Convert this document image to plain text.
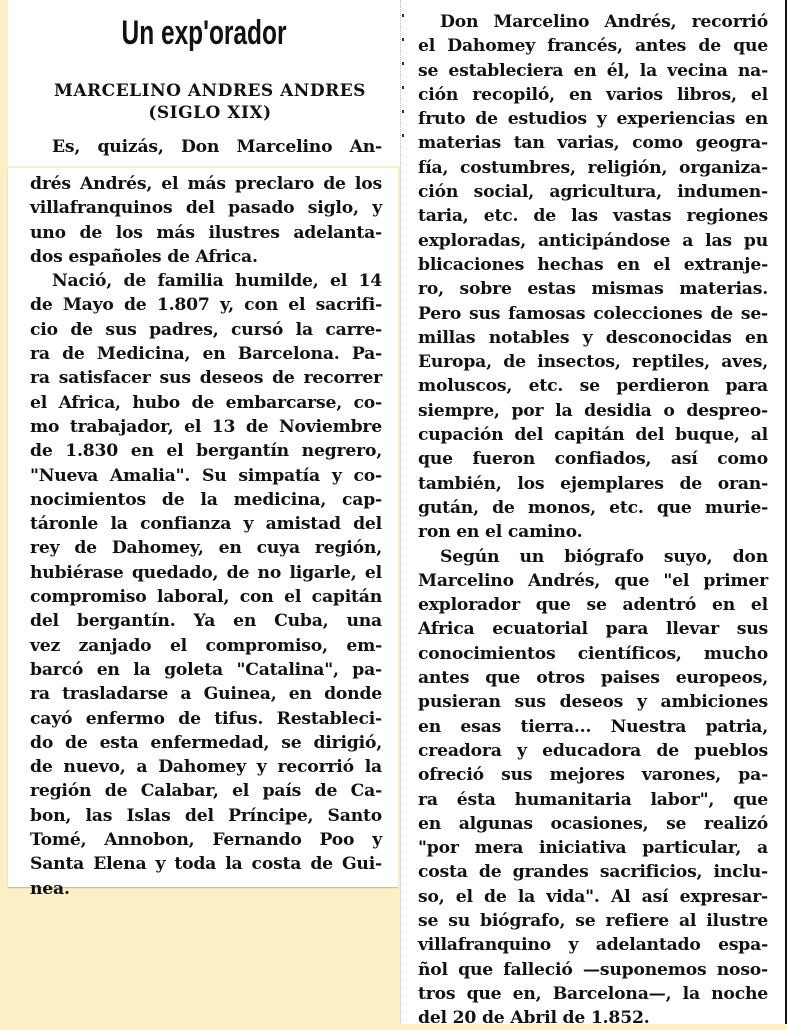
Un exp'orador
MARCELINO ANDRES ANDRES
(SIGLO XIX)

Es, quizás, Don Marcelino An-

drés Andrés, el más preclaro de los
villafranquinos del pasado siglo, y
uno de los más ilustres adelanta-
dos españoles de Africa.
Nació, de familia humilde, el 14
de Mayo de 1.807 y, con el sacrifi-
cio de sus padres, cursó la carre-
ra de Medicina, en Barcelona. Pa-
ra satisfacer sus deseos de recorrer
el Africa, hubo de embarcarse, co-
mo trabajador, el 13 de Noviembre
de 1.830 en el bergantín negrero,
"Nueva Amalia". Su simpatía y co-
nocimientos de la medicina, cap-
táronle la confianza y amistad del
rey de Dahomey, en cuya región,
hubiérase quedado, de no ligarle, el
compromiso laboral, con el capitán
del bergantín. Ya en Cuba, una
vez zanjado el compromiso, em-
barcó en la goleta "Catalina", pa-
ra trasladarse a Guinea, en donde
cayó enfermo de tifus. Restableci-
do de esta enfermedad, se dirigió,
de nuevo, a Dahomey y recorrió la
región de Calabar, el país de Ca-
bon, las Islas del Príncipe, Santo
Tomé, Annobon, Fernando Poo y
Santa Elena y toda la costa de Gui-
nea.

Don Marcelino Andrés, recorrió
el Dahomey francés, antes de que
se estableciera en él, la vecina na-
ción recopiló, en varios libros, el
fruto de estudios y experiencias en
materias tan varias, como geogra-
fía, costumbres, religión, organiza-
ción social, agricultura, indumen-
taria, etc. de las vastas regiones
exploradas, anticipándose a las pu
blicaciones hechas en el extranje-
ro, sobre estas mismas materias.
Pero sus famosas colecciones de se-
millas notables y desconocidas en
Europa, de insectos, reptiles, aves,
moluscos, etc. se perdieron para
siempre, por la desidia o despreo-
cupación del capitán del buque, al
que fueron confiados, así como
también, los ejemplares de oran-
gután, de monos, etc. que murie-
ron en el camino.
Según un biógrafo suyo, don
Marcelino Andrés, que "el primer
explorador que se adentró en el
Africa ecuatorial para llevar sus
conocimientos científicos, mucho
antes que otros paises europeos,
pusieran sus deseos y ambiciones
en esas tierra... Nuestra patria,
creadora y educadora de pueblos
ofreció sus mejores varones, pa-
ra ésta humanitaria labor", que
en algunas ocasiones, se realizó
"por mera iniciativa particular, a
costa de grandes sacrificios, inclu-
so, el de la vida". Al así expresar-
se su biógrafo, se refiere al ilustre
villafranquino y adelantado espa-
ñol que falleció —suponemos noso-
tros que en, Barcelona—, la noche
del 20 de Abril de 1.852.
